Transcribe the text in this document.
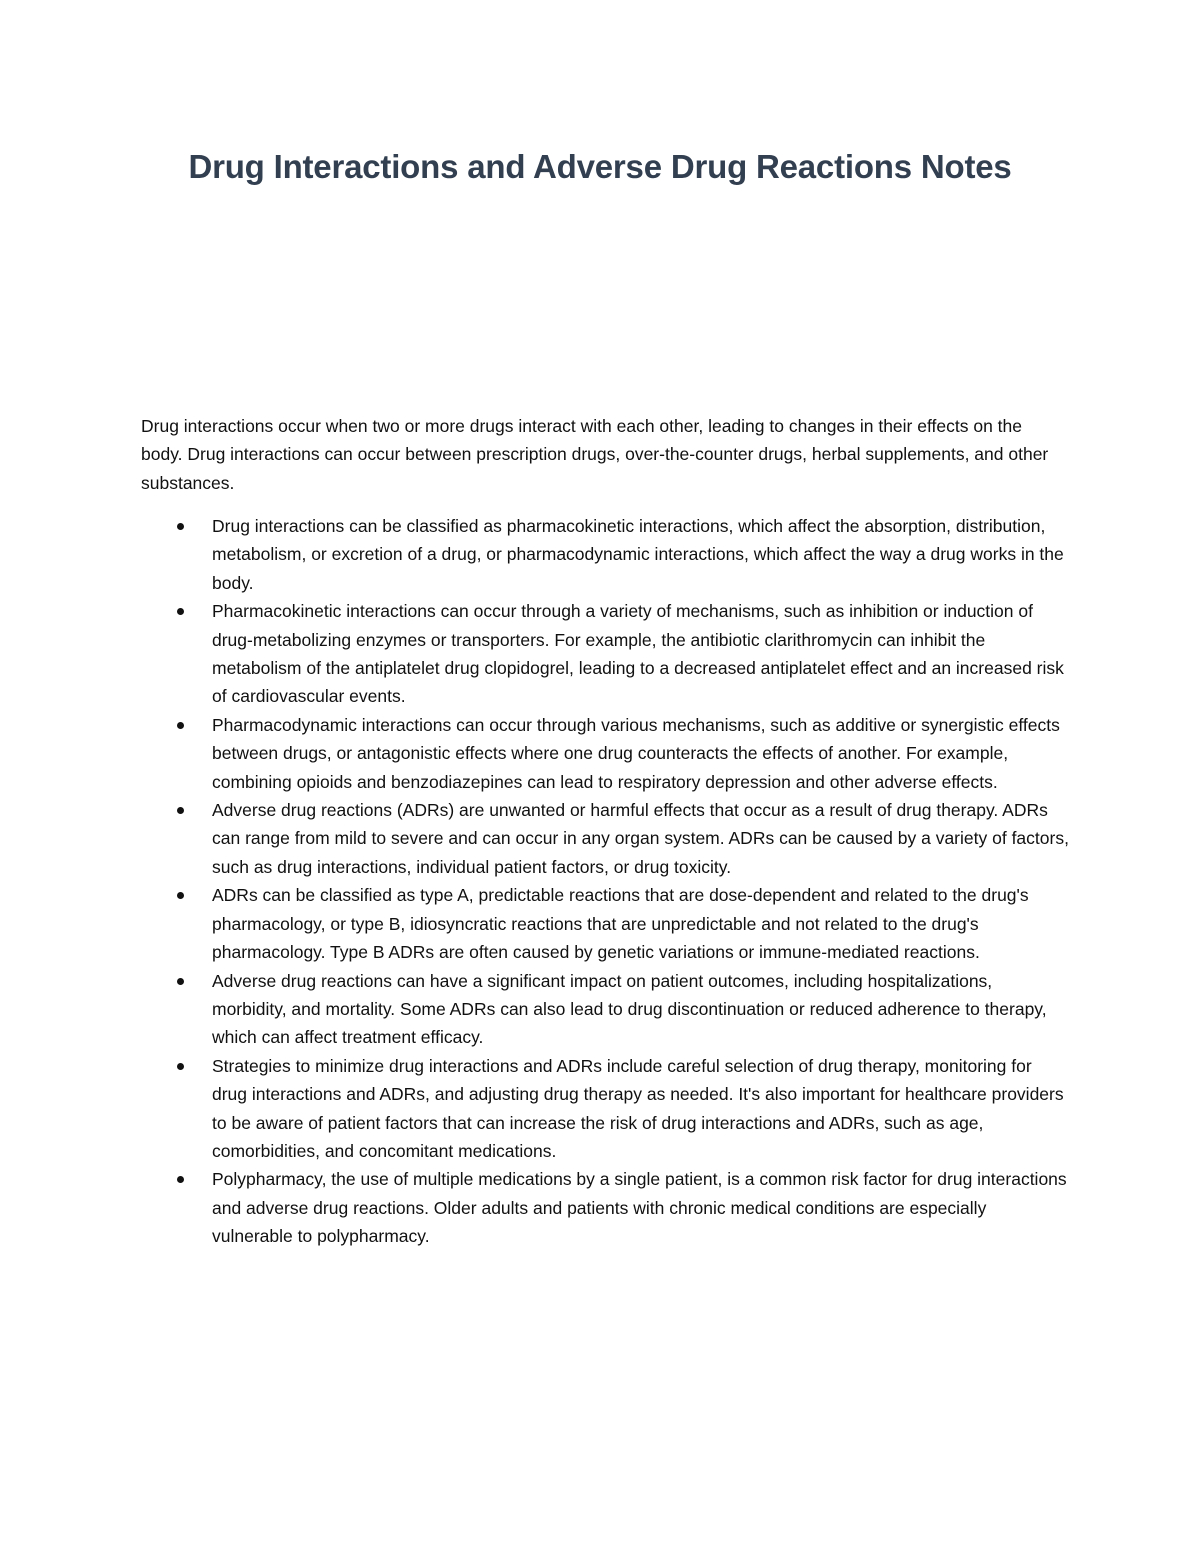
Drug Interactions and Adverse Drug Reactions Notes

Drug interactions occur when two or more drugs interact with each other, leading to changes in their effects on the body. Drug interactions can occur between prescription drugs, over-the-counter drugs, herbal supplements, and other substances.

Drug interactions can be classified as pharmacokinetic interactions, which affect the absorption, distribution, metabolism, or excretion of a drug, or pharmacodynamic interactions, which affect the way a drug works in the body.
Pharmacokinetic interactions can occur through a variety of mechanisms, such as inhibition or induction of drug-metabolizing enzymes or transporters. For example, the antibiotic clarithromycin can inhibit the metabolism of the antiplatelet drug clopidogrel, leading to a decreased antiplatelet effect and an increased risk of cardiovascular events.
Pharmacodynamic interactions can occur through various mechanisms, such as additive or synergistic effects between drugs, or antagonistic effects where one drug counteracts the effects of another. For example, combining opioids and benzodiazepines can lead to respiratory depression and other adverse effects.
Adverse drug reactions (ADRs) are unwanted or harmful effects that occur as a result of drug therapy. ADRs can range from mild to severe and can occur in any organ system. ADRs can be caused by a variety of factors, such as drug interactions, individual patient factors, or drug toxicity.
ADRs can be classified as type A, predictable reactions that are dose-dependent and related to the drug's pharmacology, or type B, idiosyncratic reactions that are unpredictable and not related to the drug's pharmacology. Type B ADRs are often caused by genetic variations or immune-mediated reactions.
Adverse drug reactions can have a significant impact on patient outcomes, including hospitalizations, morbidity, and mortality. Some ADRs can also lead to drug discontinuation or reduced adherence to therapy, which can affect treatment efficacy.
Strategies to minimize drug interactions and ADRs include careful selection of drug therapy, monitoring for drug interactions and ADRs, and adjusting drug therapy as needed. It's also important for healthcare providers to be aware of patient factors that can increase the risk of drug interactions and ADRs, such as age, comorbidities, and concomitant medications.
Polypharmacy, the use of multiple medications by a single patient, is a common risk factor for drug interactions and adverse drug reactions. Older adults and patients with chronic medical conditions are especially vulnerable to polypharmacy.
